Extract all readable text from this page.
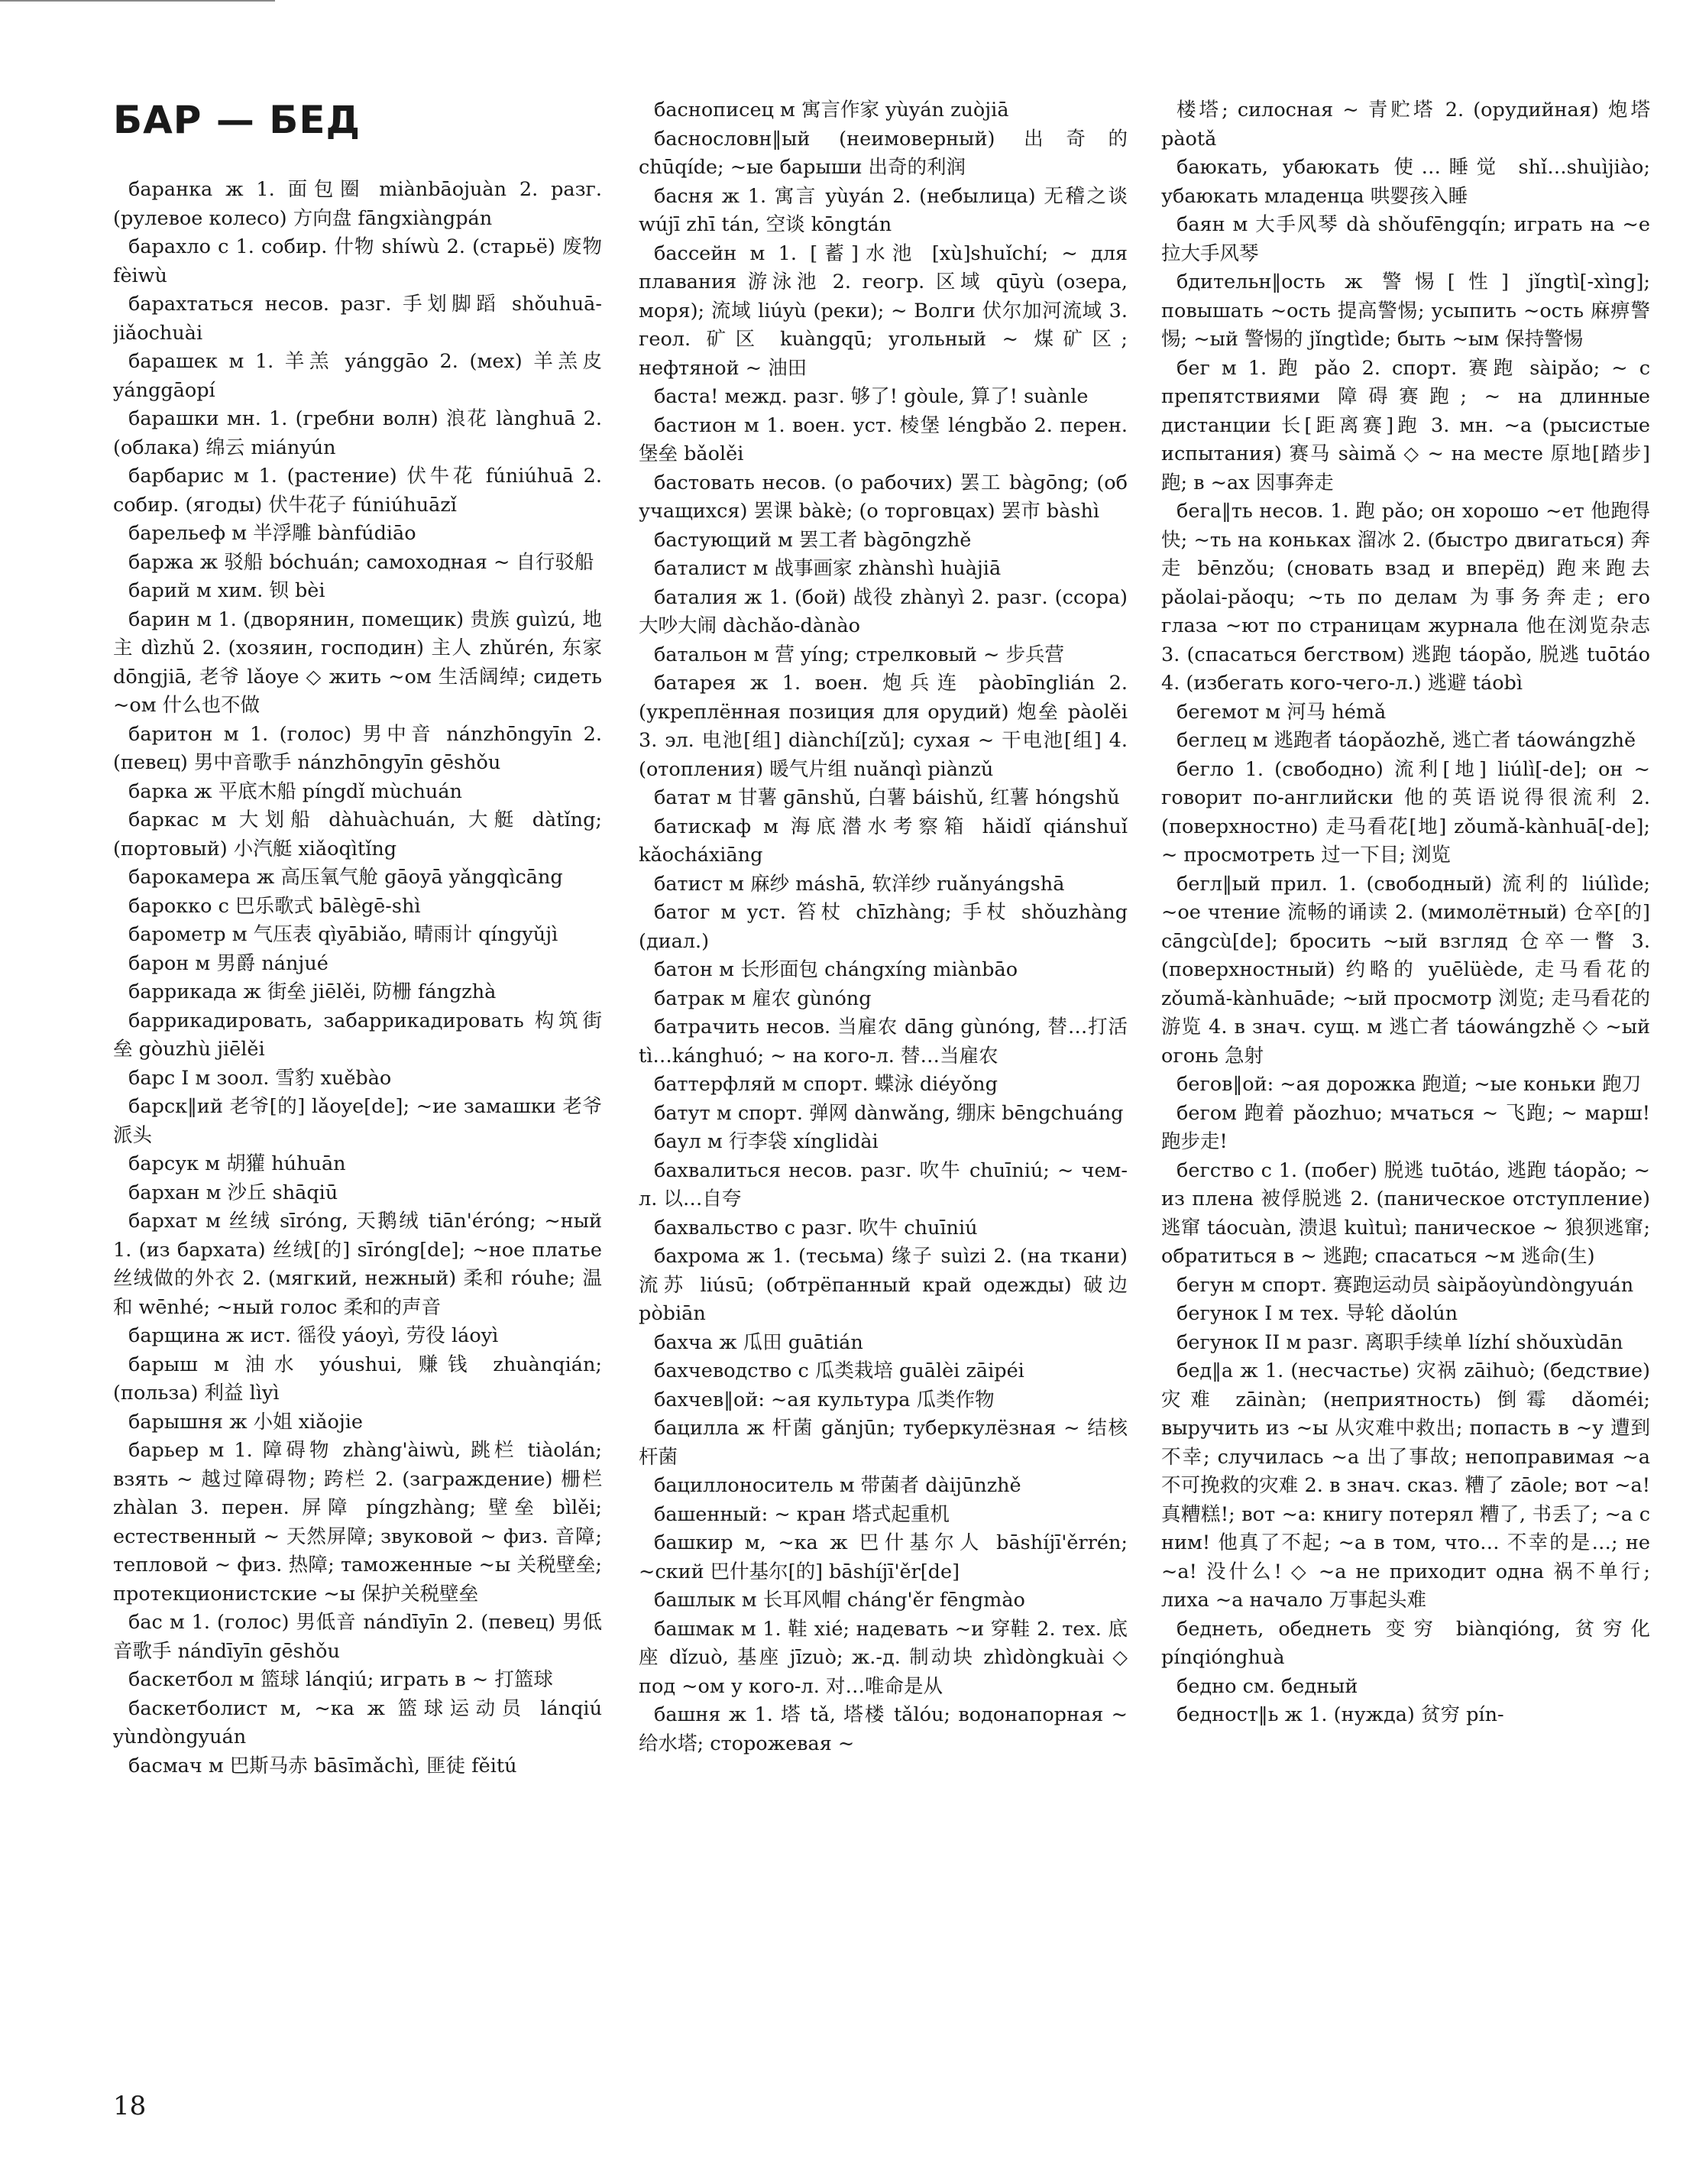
БАР — БЕД

баранка ж 1. 面包圈 miànbāojuàn 2. разг. (рулевое колесо) 方向盘 fāngxiàngpán

барахло с 1. собир. 什物 shíwù 2. (старьё) 废物 fèiwù

барахтаться несов. разг. 手划脚蹈 shǒuhuā-jiǎochuài

барашек м 1. 羊羔 yánggāo 2. (мех) 羊羔皮 yánggāopí

барашки мн. 1. (гребни волн) 浪花 lànghuā 2. (облака) 绵云 miányún

барбарис м 1. (растение) 伏牛花 fúniúhuā 2. собир. (ягоды) 伏牛花子 fúniúhuāzǐ

барельеф м 半浮雕 bànfúdiāo

баржа ж 驳船 bóchuán; самоходная ~ 自行驳船

барий м хим. 钡 bèi

барин м 1. (дворянин, помещик) 贵族 guìzú, 地主 dìzhǔ 2. (хозяин, господин) 主人 zhǔrén, 东家 dōngjiā, 老爷 lǎoye ◇ жить ~ом 生活阔绰; сидеть ~ом 什么也不做

баритон м 1. (голос) 男中音 nánzhōngyīn 2. (певец) 男中音歌手 nánzhōngyīn gēshǒu

барка ж 平底木船 píngdǐ mùchuán

баркас м 大划船 dàhuàchuán, 大艇 dàtǐng; (портовый) 小汽艇 xiǎoqìtǐng

барокамера ж 高压氧气舱 gāoyā yǎngqìcāng

барокко с 巴乐歌式 bālègē-shì

барометр м 气压表 qìyābiǎo, 晴雨计 qíngyǔjì

барон м 男爵 nánjué

баррикада ж 街垒 jiēlěi, 防栅 fángzhà

баррикадировать, забаррикадировать 构筑街垒 gòuzhù jiēlěi

барс I м зоол. 雪豹 xuěbào

барск‖ий 老爷[的] lǎoye[de]; ~ие замашки 老爷派头

барсук м 胡獾 húhuān

бархан м 沙丘 shāqiū

бархат м 丝绒 sīróng, 天鹅绒 tiān'éróng; ~ный 1. (из бархата) 丝绒[的] sīróng[de]; ~ное платье 丝绒做的外衣 2. (мягкий, нежный) 柔和 róuhe; 温和 wēnhé; ~ный голос 柔和的声音

барщина ж ист. 徭役 yáoyì, 劳役 láoyì

барыш м 油水 yóushui, 赚钱 zhuànqián; (польза) 利益 lìyì

барышня ж 小姐 xiǎojie

барьер м 1. 障碍物 zhàng'àiwù, 跳栏 tiàolán; взять ~ 越过障碍物; 跨栏 2. (заграждение) 栅栏 zhàlan 3. перен. 屏障 píngzhàng; 壁垒 bìlěi; естественный ~ 天然屏障; звуковой ~ физ. 音障; тепловой ~ физ. 热障; таможенные ~ы 关税壁垒; протекционистские ~ы 保护关税壁垒

бас м 1. (голос) 男低音 nándīyīn 2. (певец) 男低音歌手 nándīyīn gēshǒu

баскетбол м 篮球 lánqiú; играть в ~ 打篮球

баскетболист м, ~ка ж 篮球运动员 lánqiú yùndòngyuán

басмач м 巴斯马赤 bāsīmǎchì, 匪徒 fěitú

баснописец м 寓言作家 yùyán zuòjiā

баснословн‖ый (неимоверный) 出奇的 chūqíde; ~ые барыши 出奇的利润

басня ж 1. 寓言 yùyán 2. (небылица) 无稽之谈 wújī zhī tán, 空谈 kōngtán

бассейн м 1. [蓄]水池 [xù]shuǐchí; ~ для плавания 游泳池 2. геогр. 区域 qūyù (озера, моря); 流域 liúyù (реки); ~ Волги 伏尔加河流域 3. геол. 矿区 kuàngqū; угольный ~ 煤矿区; нефтяной ~ 油田

баста! межд. разг. 够了! gòule, 算了! suànle

бастион м 1. воен. уст. 棱堡 léngbǎo 2. перен. 堡垒 bǎolěi

бастовать несов. (о рабочих) 罢工 bàgōng; (об учащихся) 罢课 bàkè; (о торговцах) 罢市 bàshì

бастующий м 罢工者 bàgōngzhě

баталист м 战事画家 zhànshì huàjiā

баталия ж 1. (бой) 战役 zhànyì 2. разг. (ссора) 大吵大闹 dàchǎo-dànào

батальон м 营 yíng; стрелковый ~ 步兵营

батарея ж 1. воен. 炮兵连 pàobīnglián 2. (укреплённая позиция для орудий) 炮垒 pàolěi 3. эл. 电池[组] diànchí[zǔ]; сухая ~ 干电池[组] 4. (отопления) 暖气片组 nuǎnqì piànzǔ

батат м 甘薯 gānshǔ, 白薯 báishǔ, 红薯 hóngshǔ

батискаф м 海底潜水考察箱 hǎidǐ qiánshuǐ kǎocháxiāng

батист м 麻纱 máshā, 软洋纱 ruǎnyángshā

батог м уст. 笞杖 chīzhàng; 手杖 shǒuzhàng (диал.)

батон м 长形面包 chángxíng miànbāo

батрак м 雇农 gùnóng

батрачить несов. 当雇农 dāng gùnóng, 替…打活 tì…kánghuó; ~ на кого-л. 替…当雇农

баттерфляй м спорт. 蝶泳 diéyǒng

батут м спорт. 弹网 dànwǎng, 绷床 bēngchuáng

баул м 行李袋 xínglidài

бахвалиться несов. разг. 吹牛 chuīniú; ~ чем-л. 以…自夸

бахвальство с разг. 吹牛 chuīniú

бахрома ж 1. (тесьма) 缘子 suìzi 2. (на ткани) 流苏 liúsū; (обтрёпанный край одежды) 破边 pòbiān

бахча ж 瓜田 guātián

бахчеводство с 瓜类栽培 guālèi zāipéi

бахчев‖ой: ~ая культура 瓜类作物

бацилла ж 杆菌 gǎnjūn; туберкулёзная ~ 结核杆菌

бациллоноситель м 带菌者 dàijūnzhě

башенный: ~ кран 塔式起重机

башкир м, ~ка ж 巴什基尔人 bāshíjī'ěrrén; ~ский 巴什基尔[的] bāshíjī'ěr[de]

башлык м 长耳风帽 cháng'ěr fēngmào

башмак м 1. 鞋 xié; надевать ~и 穿鞋 2. тех. 底座 dǐzuò, 基座 jīzuò; ж.-д. 制动块 zhìdòngkuài ◇ под ~ом у кого-л. 对…唯命是从

башня ж 1. 塔 tǎ, 塔楼 tǎlóu; водонапорная ~ 给水塔; сторожевая ~

楼塔; силосная ~ 青贮塔 2. (орудийная) 炮塔 pàotǎ

баюкать, убаюкать 使…睡觉 shǐ…shuìjiào; убаюкать младенца 哄婴孩入睡

баян м 大手风琴 dà shǒufēngqín; играть на ~е 拉大手风琴

бдительн‖ость ж 警惕[性] jǐngtì[-xìng]; повышать ~ость 提高警惕; усыпить ~ость 麻痹警惕; ~ый 警惕的 jǐngtìde; быть ~ым 保持警惕

бег м 1. 跑 pǎo 2. спорт. 赛跑 sàipǎo; ~ с препятствиями 障碍赛跑; ~ на длинные дистанции 长[距离赛]跑 3. мн. ~а (рысистые испытания) 赛马 sàimǎ ◇ ~ на месте 原地[踏步]跑; в ~ах 因事奔走

бега‖ть несов. 1. 跑 pǎo; он хорошо ~ет 他跑得快; ~ть на коньках 溜冰 2. (быстро двигаться) 奔走 bēnzǒu; (сновать взад и вперёд) 跑来跑去 pǎolai-pǎoqu; ~ть по делам 为事务奔走; его глаза ~ют по страницам журнала 他在浏览杂志 3. (спасаться бегством) 逃跑 táopǎo, 脱逃 tuōtáo 4. (избегать кого-чего-л.) 逃避 táobì

бегемот м 河马 hémǎ

беглец м 逃跑者 táopǎozhě, 逃亡者 táowángzhě

бегло 1. (свободно) 流利[地] liúlì[-de]; он ~ говорит по-английски 他的英语说得很流利 2. (поверхностно) 走马看花[地] zǒumǎ-kànhuā[-de]; ~ просмотреть 过一下目; 浏览

бегл‖ый прил. 1. (свободный) 流利的 liúlìde; ~ое чтение 流畅的诵读 2. (мимолётный) 仓卒[的] cāngcù[de]; бросить ~ый взгляд 仓卒一瞥 3. (поверхностный) 约略的 yuēlüède, 走马看花的 zǒumǎ-kànhuāde; ~ый просмотр 浏览; 走马看花的游览 4. в знач. сущ. м 逃亡者 táowángzhě ◇ ~ый огонь 急射

бегов‖ой: ~ая дорожка 跑道; ~ые коньки 跑刀

бегом 跑着 pǎozhuo; мчаться ~ 飞跑; ~ марш! 跑步走!

бегство с 1. (побег) 脱逃 tuōtáo, 逃跑 táopǎo; ~ из плена 被俘脱逃 2. (паническое отступление) 逃窜 táocuàn, 溃退 kuìtuì; паническое ~ 狼狈逃窜; обратиться в ~ 逃跑; спасаться ~м 逃命(生)

бегун м спорт. 赛跑运动员 sàipǎoyùndòngyuán

бегунок I м тех. 导轮 dǎolún

бегунок II м разг. 离职手续单 lízhí shǒuxùdān

бед‖а ж 1. (несчастье) 灾祸 zāihuò; (бедствие) 灾难 zāinàn; (неприятность) 倒霉 dǎoméi; выручить из ~ы 从灾难中救出; попасть в ~у 遭到不幸; случилась ~а 出了事故; непоправимая ~а 不可挽救的灾难 2. в знач. сказ. 糟了 zāole; вот ~а! 真糟糕!; вот ~а: книгу потерял 糟了, 书丢了; ~а с ним! 他真了不起; ~а в том, что… 不幸的是…; не ~а! 没什么! ◇ ~а не приходит одна 祸不单行; лиха ~а начало 万事起头难

беднеть, обеднеть 变穷 biànqióng, 贫穷化 pínqiónghuà

бедно см. бедный

бедност‖ь ж 1. (нужда) 贫穷 pín-

18
